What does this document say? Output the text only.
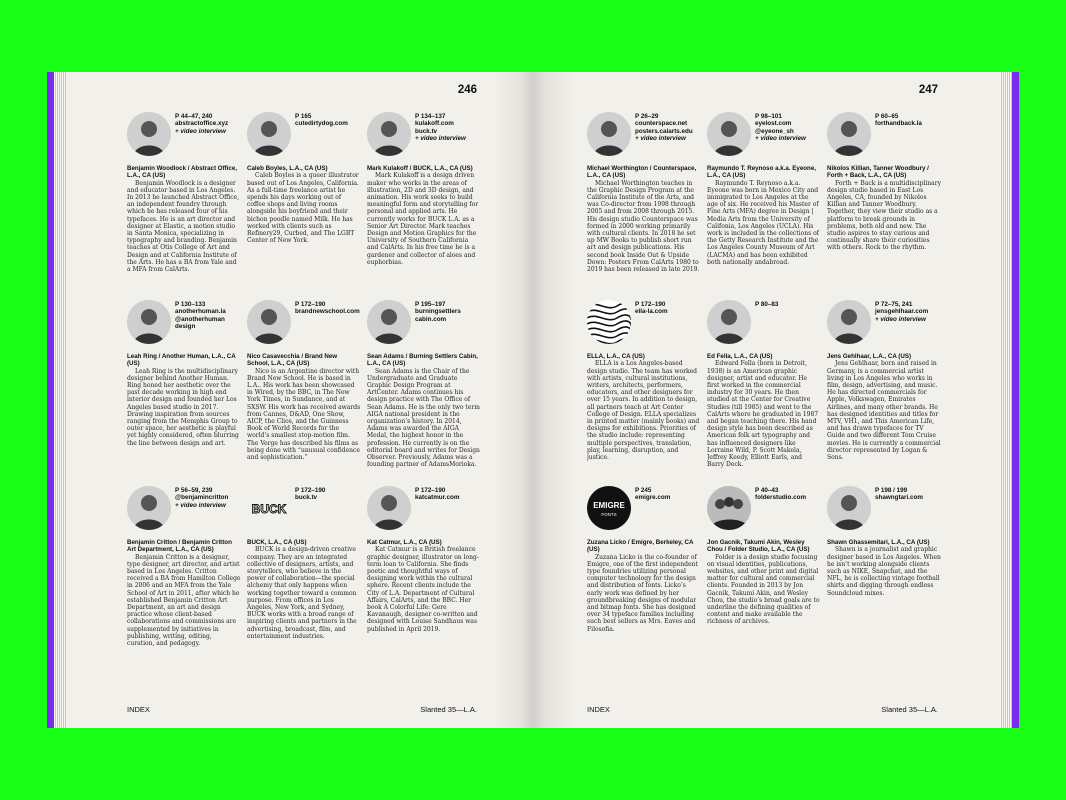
246
P 44–47, 240
abstractoffice.xyz
+ video interview
Benjamin Woodlock / Abstract Office, L.A., CA (US)
Benjamin Woodlock is a designer and educator based in Los Angeles. In 2013 he launched Abstract Office, an independent foundry through which he has released four of his typefaces. He is an art director and designer at Elastic, a motion studio in Santa Monica, specializing in typography and branding. Benjamin teaches at Otis College of Art and Design and at California Institute of the Arts. He has a BA from Yale and a MFA from CalArts.
P 165
cutedirtydog.com
Caleb Boyles, L.A., CA (US)
Caleb Boyles is a queer illustrator based out of Los Angeles, California. As a full-time freelance artist he spends his days working out of coffee shops and living rooms alongside his boyfriend and their bichon poodle named Milk. He has worked with clients such as Refinery29, Curbed, and The LGBT Center of New York.
P 134–137
kulakoff.com
buck.tv
+ video interview
Mark Kulakoff / BUCK, L.A., CA (US)
Mark Kulakoff is a design driven maker who works in the areas of illustration, 2D and 3D design, and animation. His work seeks to build meaningful form and storytelling for personal and applied arts. He currently works for BUCK L.A. as a Senior Art Director. Mark teaches Design and Motion Graphics for the University of Southern California and CalArts. In his free time he is a gardener and collector of aloes and euphorbias.
P 130–133
anotherhuman.la
@anotherhuman design
Leah Ring / Another Human, L.A., CA (US)
Leah Ring is the multidisciplinary designer behind Another Human. Ring honed her aesthetic over the past decade working in high end interior design and founded her Los Angeles based studio in 2017. Drawing inspiration from sources ranging from the Memphis Group to outer space, her aesthetic is playful yet highly considered, often blurring the line between design and art.
P 172–190
brandnewschool.com
Nico Casavecchia / Brand New School, L.A., CA (US)
Nico is an Argentine director with Brand New School. He is based in L.A.. His work has been showcased in Wired, by the BBC, in The New York Times, in Sundance, and at SXSW. His work has received awards from Cannes, D&AD, One Show, AICP, the Clios, and the Guinness Book of World Records for the world’s smallest stop-motion film. The Verge has described his films as being done with “unusual confidence and sophistication.”
P 195–197
burningsettlers cabin.com
Sean Adams / Burning Settlers Cabin, L.A., CA (US)
Sean Adams is the Chair of the Undergraduate and Graduate Graphic Design Program at ArtCenter. Adams continues his design practice with The Office of Sean Adams. He is the only two term AIGA national president in the organization’s history. In 2014, Adams was awarded the AIGA Medal, the highest honor in the profession. He currently is on the editorial board and writes for Design Observer. Previously, Adams was a founding partner of AdamsMorioka.
P 56–59, 239
@benjamincritton
+ video interview
Benjamin Critton / Benjamin Critton Art Department, L.A., CA (US)
Benjamin Critton is a designer, type designer, art director, and artist based in Los Angeles. Critton received a BA from Hamilton College in 2006 and an MFA from the Yale School of Art in 2011, after which he established Benjamin Critton Art Department, an art and design practice whose client-based collaborations and commissions are supplemented by initiatives in publishing, writing, editing, curation, and pedagogy.
BUCK
P 172–190
buck.tv
BUCK, L.A., CA (US)
BUCK is a design-driven creative company. They are an integrated collective of designers, artists, and storytellers, who believe in the power of collaboration—the special alchemy that only happens when working together toward a common purpose. From offices in Los Angeles, New York, and Sydney, BUCK works with a broad range of inspiring clients and partners in the advertising, broadcast, film, and entertainment industries.
P 172–190
katcatmur.com
Kat Catmur, L.A., CA (US)
Kat Catmur is a British freelance graphic designer, illustrator on long-term loan to California. She finds poetic and thoughtful ways of designing work within the cultural sphere. Recent clients include the City of L.A. Department of Cultural Affairs, CalArts, and the BBC. Her book A Colorful Life: Gere Kavanaugh, designer co-written and designed with Louise Sandhaus was published in April 2019.
INDEX	Slanted 35—L.A.
247
P 26–29
counterspace.net
posters.calarts.edu
+ video interview
Michael Worthington / Counterspace, L.A., CA (US)
Michael Worthington teaches in the Graphic Design Program at the California Institute of the Arts, and was Co-director from 1998 through 2005 and from 2008 through 2015. His design studio Counterspace was formed in 2000 working primarily with cultural clients. In 2018 he set up MW Books to publish short run art and design publications. His second book Inside Out & Upside Down: Posters From CalArts 1980 to 2019 has been released in late 2019.
P 98–101
eyelost.com
@eyeone_sh
+ video interview
Raymundo T. Reynoso a.k.a. Eyeone, L.A., CA (US)
Raymundo T. Reynoso a.k.a. Eyeone was born in Mexico City and immigrated to Los Angeles at the age of six. He received his Master of Fine Arts (MFA) degree in Design | Media Arts from the University of Califonia, Los Angeles (UCLA). His work is included in the collections of the Getty Research Institute and the Los Angeles County Museum of Art (LACMA) and has been exhibited both nationally andabroad.
P 60–65
forthandback.la
Nikolos Killian, Tanner Woodbury / Forth + Back, L.A., CA (US)
Forth + Back is a multidisciplinary design studio based in East Los Angeles, CA, founded by Nikolos Killian and Tanner Woodbury. Together, they view their studio as a platform to break grounds in problems, both old and new. The studio aspires to stay curious and continually share their curiosities with others. Rock to the rhythm.
P 172–190
ella-la.com
ELLA, L.A., CA (US)
ELLA is a Los Angeles-based design studio. The team has worked with artists, cultural institutions, writers, architects, performers, educators, and other designers for over 15 years. In addition to design, all partners teach at Art Center College of Design. ELLA specializes in printed matter (mainly books) and designs for exhibitions. Priorities of the studio include: representing multiple perspectives, translation, play, learning, disruption, and justice.
P 80–83
Ed Fella, L.A., CA (US)
Edward Fella (born in Detroit, 1938) is an American graphic designer, artist and educator. He first worked in the commercial industry for 30 years. He then studied at the Center for Creative Studies (till 1985) and went to the CalArts where he graduated in 1987 and began teaching there. His hand design style has been described as American folk art typography and has influenced designers like Lorraine Wild, P. Scott Makela, Jeffrey Keedy, Elliott Earls, and Barry Deck.
P 72–75, 241
jensgehlhaar.com
+ video interview
Jens Gehlhaar, L.A., CA (US)
Jens Gehlhaar, born and raised in Germany, is a commercial artist living in Los Angeles who works in film, design, advertising, and music. He has directed commercials for Apple, Volkswagen, Emirates Airlines, and many other brands. He has designed identities and titles for MTV, VH1, and This American Life, and has drawn typefaces for TV Guide and two different Tom Cruise movies. He is currently a commercial director represented by Logan & Sons.
EMIGRE
FONTS
P 245
emigre.com
Zuzana Licko / Emigre, Berkeley, CA (US)
Zuzana Licko is the co-founder of Emigre, one of the first independent type foundries utilizing personal computer technology for the design and distribution of fonts. Licko’s early work was defined by her groundbreaking designs of modular and bitmap fonts. She has designed over 34 typeface families including such best sellers as Mrs. Eaves and Filosofia.
P 40–43
folderstudio.com
Jon Gacnik, Takumi Akin, Wesley Chou / Folder Studio, L.A., CA (US)
Folder is a design studio focusing on visual identities, publications, websites, and other print and digital matter for cultural and commercial clients. Founded in 2013 by Jon Gacnik, Takumi Akin, and Wesley Chou, the studio’s broad goals are to underline the defining qualities of content and make available the richness of archives.
P 198 / 199
shawngtari.com
Shawn Ghassemitari, L.A., CA (US)
Shawn is a journalist and graphic designer based in Los Angeles. When he isn’t working alongside clients such as NIKE, Snapchat, and the NFL, he is collecting vintage football shirts and digging through endless Soundcloud mixes.
INDEX	Slanted 35—L.A.
